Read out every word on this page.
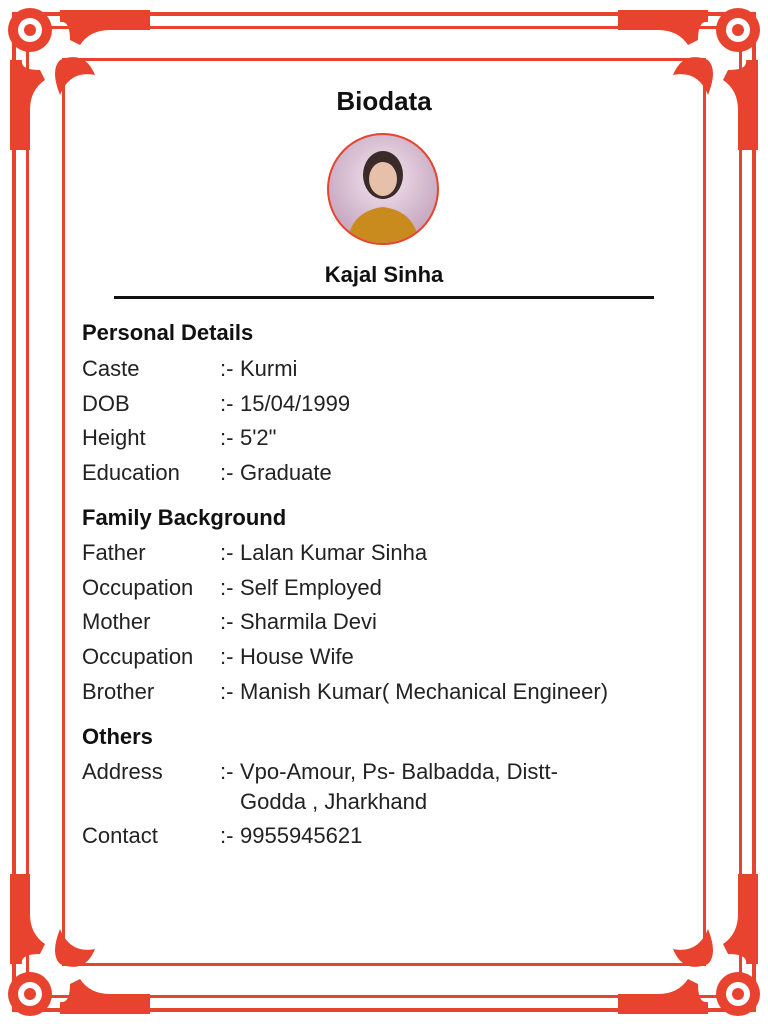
Biodata
Kajal Sinha
Personal Details
Caste	:- Kurmi
DOB	:- 15/04/1999
Height	:- 5'2"
Education	:- Graduate
Family Background
Father	:- Lalan Kumar Sinha
Occupation	:- Self Employed
Mother	:- Sharmila Devi
Occupation	:- House Wife
Brother	:- Manish Kumar( Mechanical Engineer)
Others
Address	:- Vpo-Amour, Ps- Balbadda, Distt-Godda , Jharkhand
Contact	:- 9955945621
